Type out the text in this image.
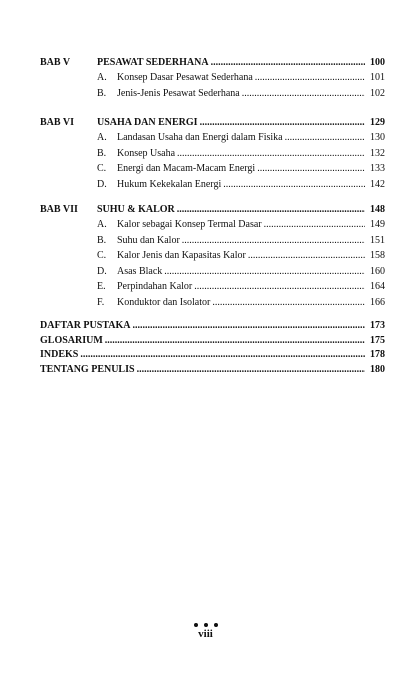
BAB V	PESAWAT SEDERHANA .....	100
A.	Konsep Dasar Pesawat Sederhana .....	101
B.	Jenis-Jenis Pesawat Sederhana .....	102
BAB VI USAHA DAN ENERGI .....	129
A.	Landasan Usaha dan Energi dalam Fisika .....	130
B.	Konsep Usaha .....	132
C.	Energi dan Macam-Macam Energi .....	133
D.	Hukum Kekekalan Energi .....	142
BAB VII SUHU & KALOR .....	148
A.	Kalor sebagai Konsep Termal Dasar .....	149
B.	Suhu dan Kalor .....	151
C.	Kalor Jenis dan Kapasitas Kalor .....	158
D.	Asas Black .....	160
E.	Perpindahan Kalor .....	164
F.	Konduktor dan Isolator .....	166
DAFTAR PUSTAKA .....	173
GLOSARIUM .....	175
INDEKS .....	178
TENTANG PENULIS .....	180
viii
